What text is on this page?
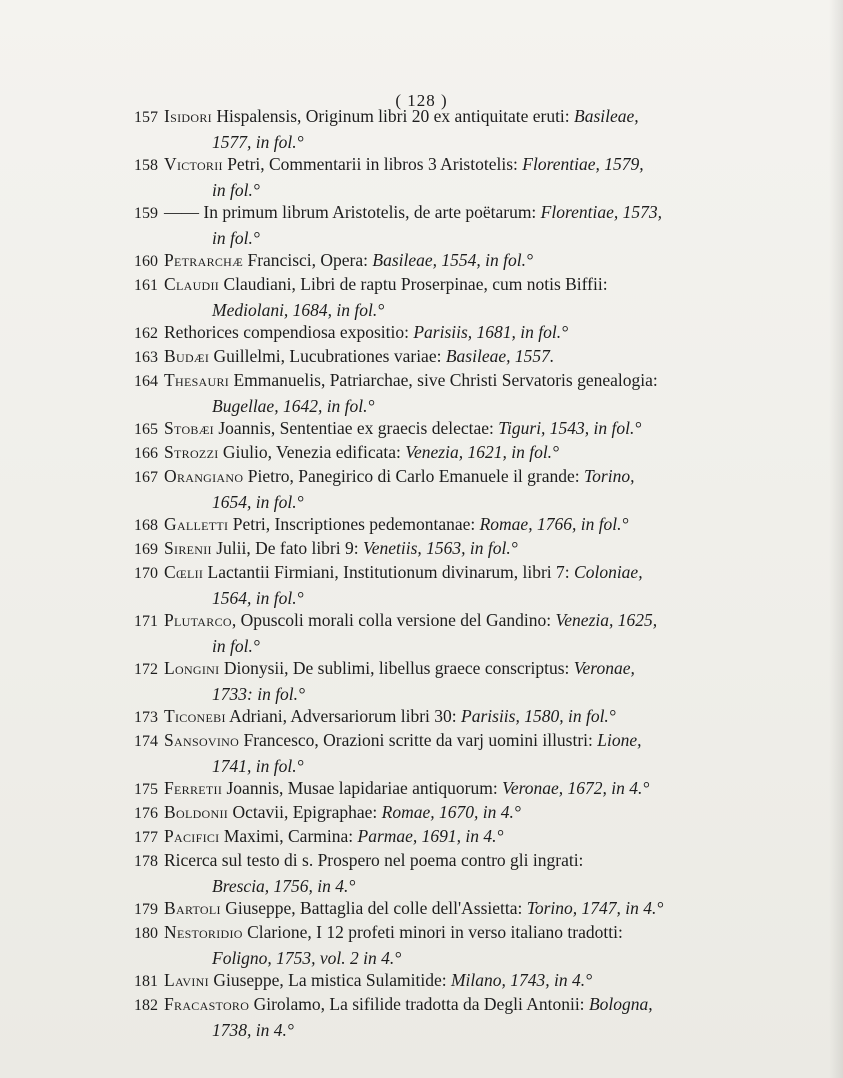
( 128 )
157 Isidori Hispalensis, Originum libri 20 ex antiquitate eruti: Basileae,
1577, in fol.°
158 Victorii Petri, Commentarii in libros 3 Aristotelis: Florentiae, 1579,
in fol.°
159 —— In primum librum Aristotelis, de arte poëtarum: Florentiae, 1573,
in fol.°
160 Petrarchæ Francisci, Opera: Basileae, 1554, in fol.°
161 Claudii Claudiani, Libri de raptu Proserpinae, cum notis Biffii:
Mediolani, 1684, in fol.°
162 Rethorices compendiosa expositio: Parisiis, 1681, in fol.°
163 Budæi Guillelmi, Lucubrationes variae: Basileae, 1557.
164 Thesauri Emmanuelis, Patriarchae, sive Christi Servatoris genealogia:
Bugellae, 1642, in fol.°
165 Stobæi Joannis, Sententiae ex graecis delectae: Tiguri, 1543, in fol.°
166 Strozzi Giulio, Venezia edificata: Venezia, 1621, in fol.°
167 Orangiano Pietro, Panegirico di Carlo Emanuele il grande: Torino,
1654, in fol.°
168 Galletti Petri, Inscriptiones pedemontanae: Romae, 1766, in fol.°
169 Sirenii Julii, De fato libri 9: Venetiis, 1563, in fol.°
170 Cœlii Lactantii Firmiani, Institutionum divinarum, libri 7: Coloniae,
1564, in fol.°
171 Plutarco, Opuscoli morali colla versione del Gandino: Venezia, 1625,
in fol.°
172 Longini Dionysii, De sublimi, libellus graece conscriptus: Veronae,
1733: in fol.°
173 Ticonebi Adriani, Adversariorum libri 30: Parisiis, 1580, in fol.°
174 Sansovino Francesco, Orazioni scritte da varj uomini illustri: Lione,
1741, in fol.°
175 Ferretii Joannis, Musae lapidariae antiquorum: Veronae, 1672, in 4.°
176 Boldonii Octavii, Epigraphae: Romae, 1670, in 4.°
177 Pacifici Maximi, Carmina: Parmae, 1691, in 4.°
178 Ricerca sul testo di s. Prospero nel poema contro gli ingrati:
Brescia, 1756, in 4.°
179 Bartoli Giuseppe, Battaglia del colle dell'Assietta: Torino, 1747, in 4.°
180 Nestoridio Clarione, I 12 profeti minori in verso italiano tradotti:
Foligno, 1753, vol. 2 in 4.°
181 Lavini Giuseppe, La mistica Sulamitide: Milano, 1743, in 4.°
182 Fracastoro Girolamo, La sifilide tradotta da Degli Antonii: Bologna,
1738, in 4.°
